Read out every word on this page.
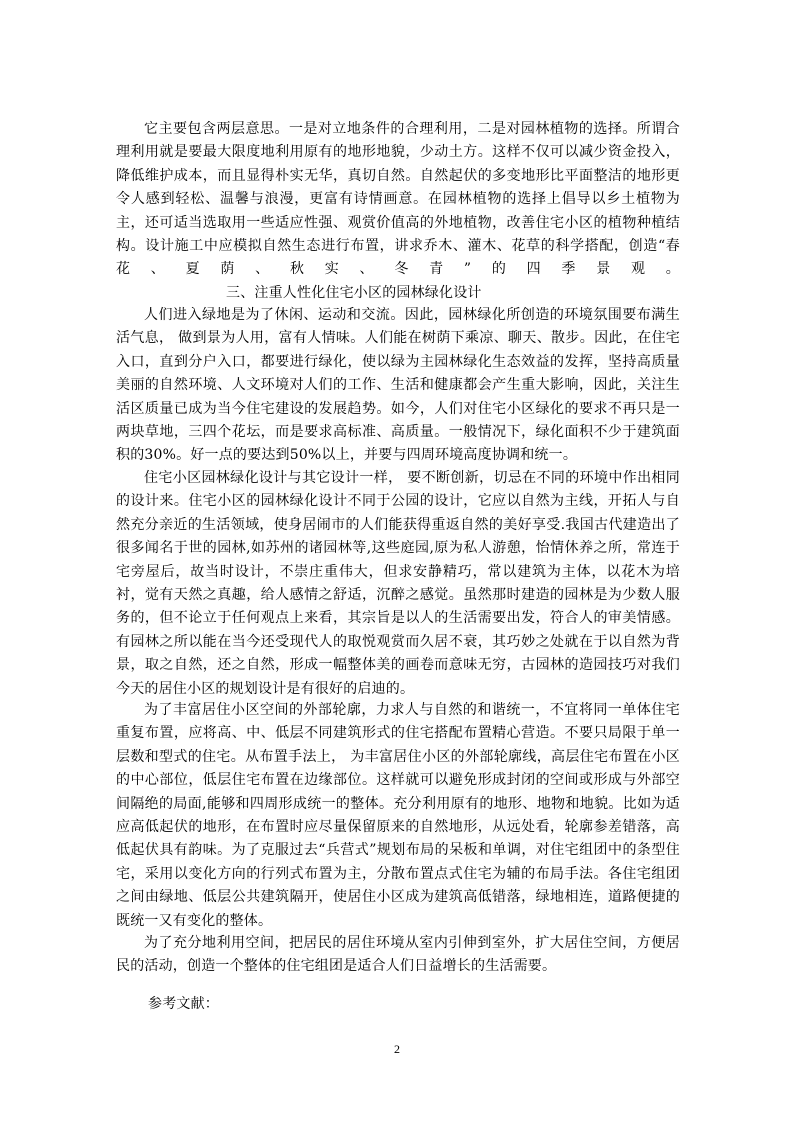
它主要包含两层意思。一是对立地条件的合理利用，二是对园林植物的选择。所谓合理利用就是要最大限度地利用原有的地形地貌，少动土方。这样不仅可以减少资金投入，降低维护成本，而且显得朴实无华，真切自然。自然起伏的多变地形比平面整洁的地形更令人感到轻松、温馨与浪漫，更富有诗情画意。在园林植物的选择上倡导以乡土植物为主，还可适当选取用一些适应性强、观赏价值高的外地植物，改善住宅小区的植物种植结构。设计施工中应模拟自然生态进行布置，讲求乔木、灌木、花草的科学搭配，创造“春花、夏荫、秋实、冬青”的四季景观。三、注重人性化住宅小区的园林绿化设计

人们进入绿地是为了休闲、运动和交流。因此，园林绿化所创造的环境氛围要布满生活气息， 做到景为人用，富有人情味。人们能在树荫下乘凉、聊天、散步。因此，在住宅入口，直到分户入口，都要进行绿化，使以绿为主园林绿化生态效益的发挥，坚持高质量美丽的自然环境、人文环境对人们的工作、生活和健康都会产生重大影响，因此，关注生活区质量已成为当今住宅建设的发展趋势。如今，人们对住宅小区绿化的要求不再只是一两块草地，三四个花坛，而是要求高标准、高质量。一般情况下，绿化面积不少于建筑面积的30%。好一点的要达到50%以上，并要与四周环境高度协调和统一。

住宅小区园林绿化设计与其它设计一样， 要不断创新，切忌在不同的环境中作出相同的设计来。住宅小区的园林绿化设计不同于公园的设计，它应以自然为主线，开拓人与自然充分亲近的生活领域，使身居闹市的人们能获得重返自然的美好享受.我国古代建造出了很多闻名于世的园林,如苏州的诸园林等,这些庭园,原为私人游憩，怡情休养之所，常连于宅旁屋后，故当时设计，不崇庄重伟大，但求安静精巧，常以建筑为主体，以花木为培衬，觉有天然之真趣，给人感情之舒适，沉醉之感觉。虽然那时建造的园林是为少数人服务的，但不论立于任何观点上来看，其宗旨是以人的生活需要出发，符合人的审美情感。有园林之所以能在当今还受现代人的取悦观赏而久居不衰，其巧妙之处就在于以自然为背景，取之自然，还之自然，形成一幅整体美的画卷而意味无穷，古园林的造园技巧对我们今天的居住小区的规划设计是有很好的启迪的。

为了丰富居住小区空间的外部轮廓，力求人与自然的和谐统一，不宜将同一单体住宅重复布置，应将高、中、低层不同建筑形式的住宅搭配布置精心营造。不要只局限于单一层数和型式的住宅。从布置手法上， 为丰富居住小区的外部轮廓线，高层住宅布置在小区的中心部位，低层住宅布置在边缘部位。这样就可以避免形成封闭的空间或形成与外部空间隔绝的局面,能够和四周形成统一的整体。充分利用原有的地形、地物和地貌。比如为适应高低起伏的地形，在布置时应尽量保留原来的自然地形，从远处看，轮廓参差错落，高低起伏具有韵味。为了克服过去“兵营式”规划布局的呆板和单调，对住宅组团中的条型住宅，采用以变化方向的行列式布置为主，分散布置点式住宅为辅的布局手法。各住宅组团之间由绿地、低层公共建筑隔开，使居住小区成为建筑高低错落，绿地相连，道路便捷的既统一又有变化的整体。

为了充分地利用空间，把居民的居住环境从室内引伸到室外，扩大居住空间，方便居民的活动，创造一个整体的住宅组团是适合人们日益增长的生活需要。

参考文献：
2
